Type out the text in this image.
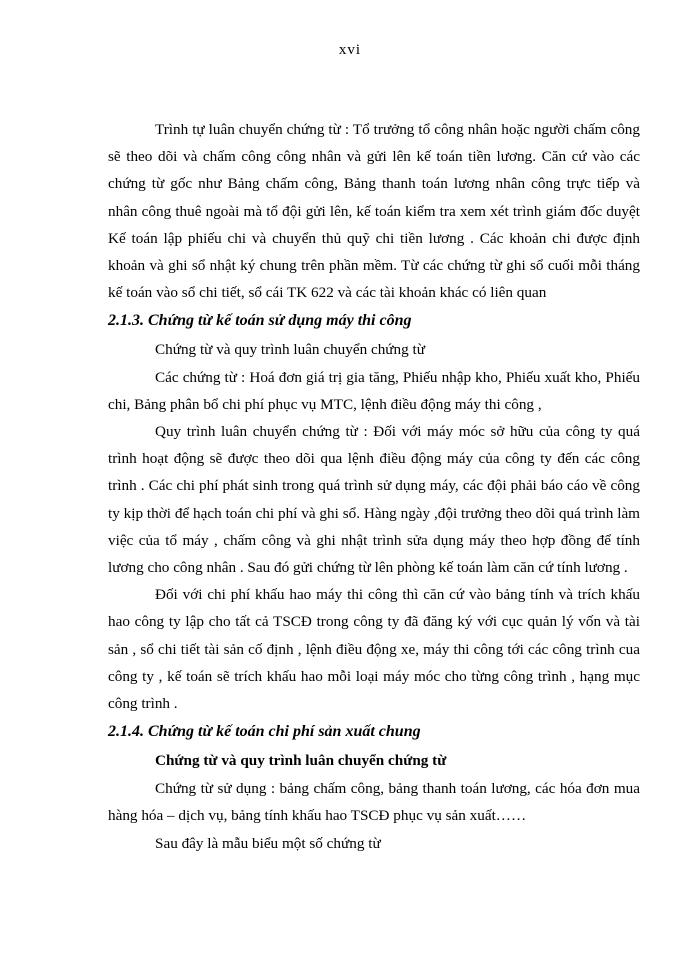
xvi

Trình tự luân chuyển chứng từ : Tổ trưởng tổ công nhân hoặc người chấm công sẽ theo dõi và chấm công công nhân và gửi lên kế toán tiền lương. Căn cứ vào các chứng từ gốc như Bảng chấm công, Bảng thanh toán lương nhân công trực tiếp và nhân công thuê ngoài mà tổ đội gửi lên, kế toán kiểm tra xem xét trình giám đốc duyệt Kế toán lập phiếu chi và chuyển thủ quỹ chi tiền lương . Các khoản chi được định khoản và ghi sổ nhật ký chung trên phần mềm. Từ các chứng từ ghi sổ cuối mỗi tháng kế toán vào sổ chi tiết, sổ cái TK 622 và các tài khoản khác có liên quan

2.1.3. Chứng từ kế toán sử dụng máy thi công

Chứng từ và quy trình luân chuyển chứng từ

Các chứng từ : Hoá đơn giá trị gia tăng, Phiếu nhập kho, Phiếu xuất kho, Phiếu chi, Bảng phân bổ chi phí phục vụ MTC, lệnh điều động máy thi công ,

Quy trình luân chuyển chứng từ : Đối với máy móc sở hữu của công ty quá trình hoạt động sẽ được theo dõi qua lệnh điều động máy của công ty đến các công trình . Các chi phí phát sinh trong quá trình sử dụng máy, các đội phải báo cáo về công ty kịp thời để hạch toán chi phí và ghi sổ. Hàng ngày ,đội trưởng theo dõi quá trình làm việc của tổ máy , chấm công và ghi nhật trình sửa dụng máy theo hợp đồng để tính lương cho công nhân . Sau đó gửi chứng từ lên phòng kế toán làm căn cứ tính lương .

Đối với chi phí khấu hao máy thi công thì căn cứ vào bảng tính và trích khấu hao công ty lập cho tất cả TSCĐ trong công ty đã đăng ký với cục quản lý vốn và tài sản , sổ chi tiết tài sản cố định , lệnh điều động xe, máy thi công tới các công trình cua công ty , kế toán sẽ trích khấu hao mỗi loại máy móc cho từng công trình , hạng mục công trình .

2.1.4. Chứng từ kế toán chi phí sản xuất chung
Chứng từ và quy trình luân chuyển chứng từ

Chứng từ sử dụng : bảng chấm công, bảng thanh toán lương, các hóa đơn mua hàng hóa – dịch vụ, bảng tính khấu hao TSCĐ phục vụ sản xuất……

Sau đây là mẫu biểu một số chứng từ
